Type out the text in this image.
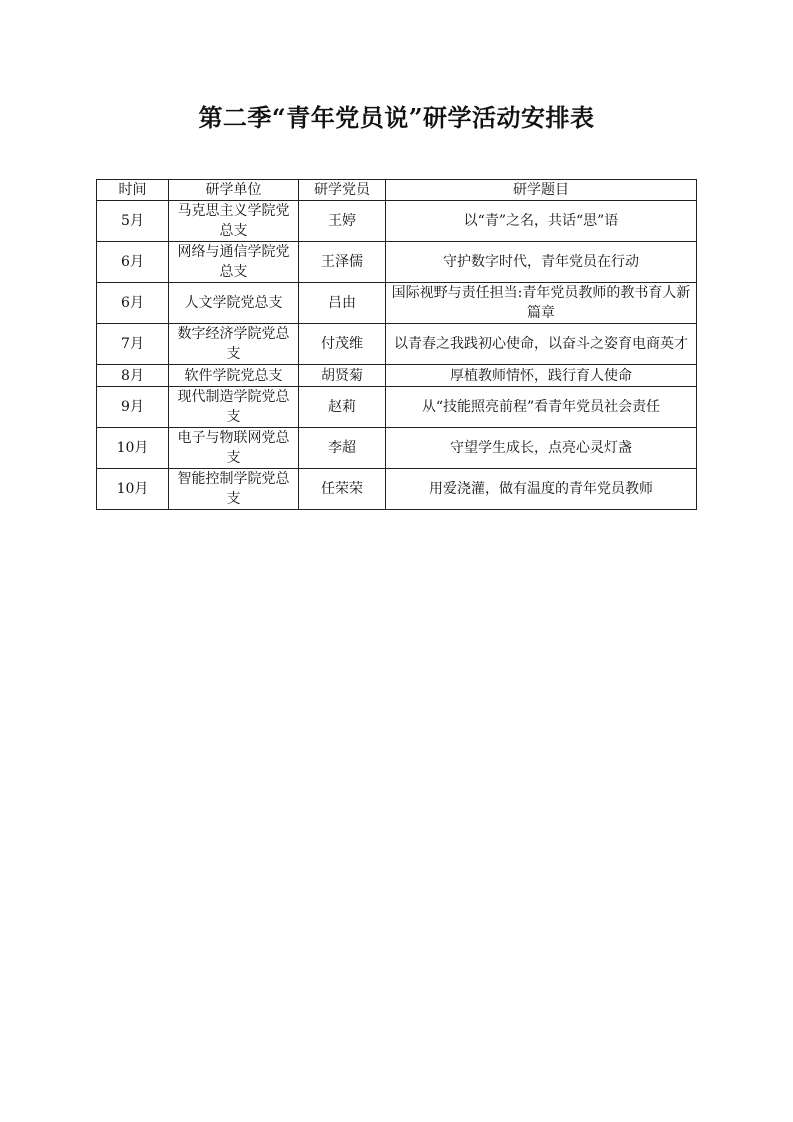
第二季“青年党员说”研学活动安排表
时间	研学单位	研学党员	研学题目
5月	马克思主义学院党总支	王婷	以“青”之名，共话“思”语
6月	网络与通信学院党总支	王泽儒	守护数字时代，青年党员在行动
6月	人文学院党总支	吕由	国际视野与责任担当:青年党员教师的教书育人新篇章
7月	数字经济学院党总支	付茂维	以青春之我践初心使命，以奋斗之姿育电商英才
8月	软件学院党总支	胡贤菊	厚植教师情怀，践行育人使命
9月	现代制造学院党总支	赵莉	从“技能照亮前程”看青年党员社会责任
10月	电子与物联网党总支	李超	守望学生成长，点亮心灵灯盏
10月	智能控制学院党总支	任荣荣	用爱浇灌，做有温度的青年党员教师
